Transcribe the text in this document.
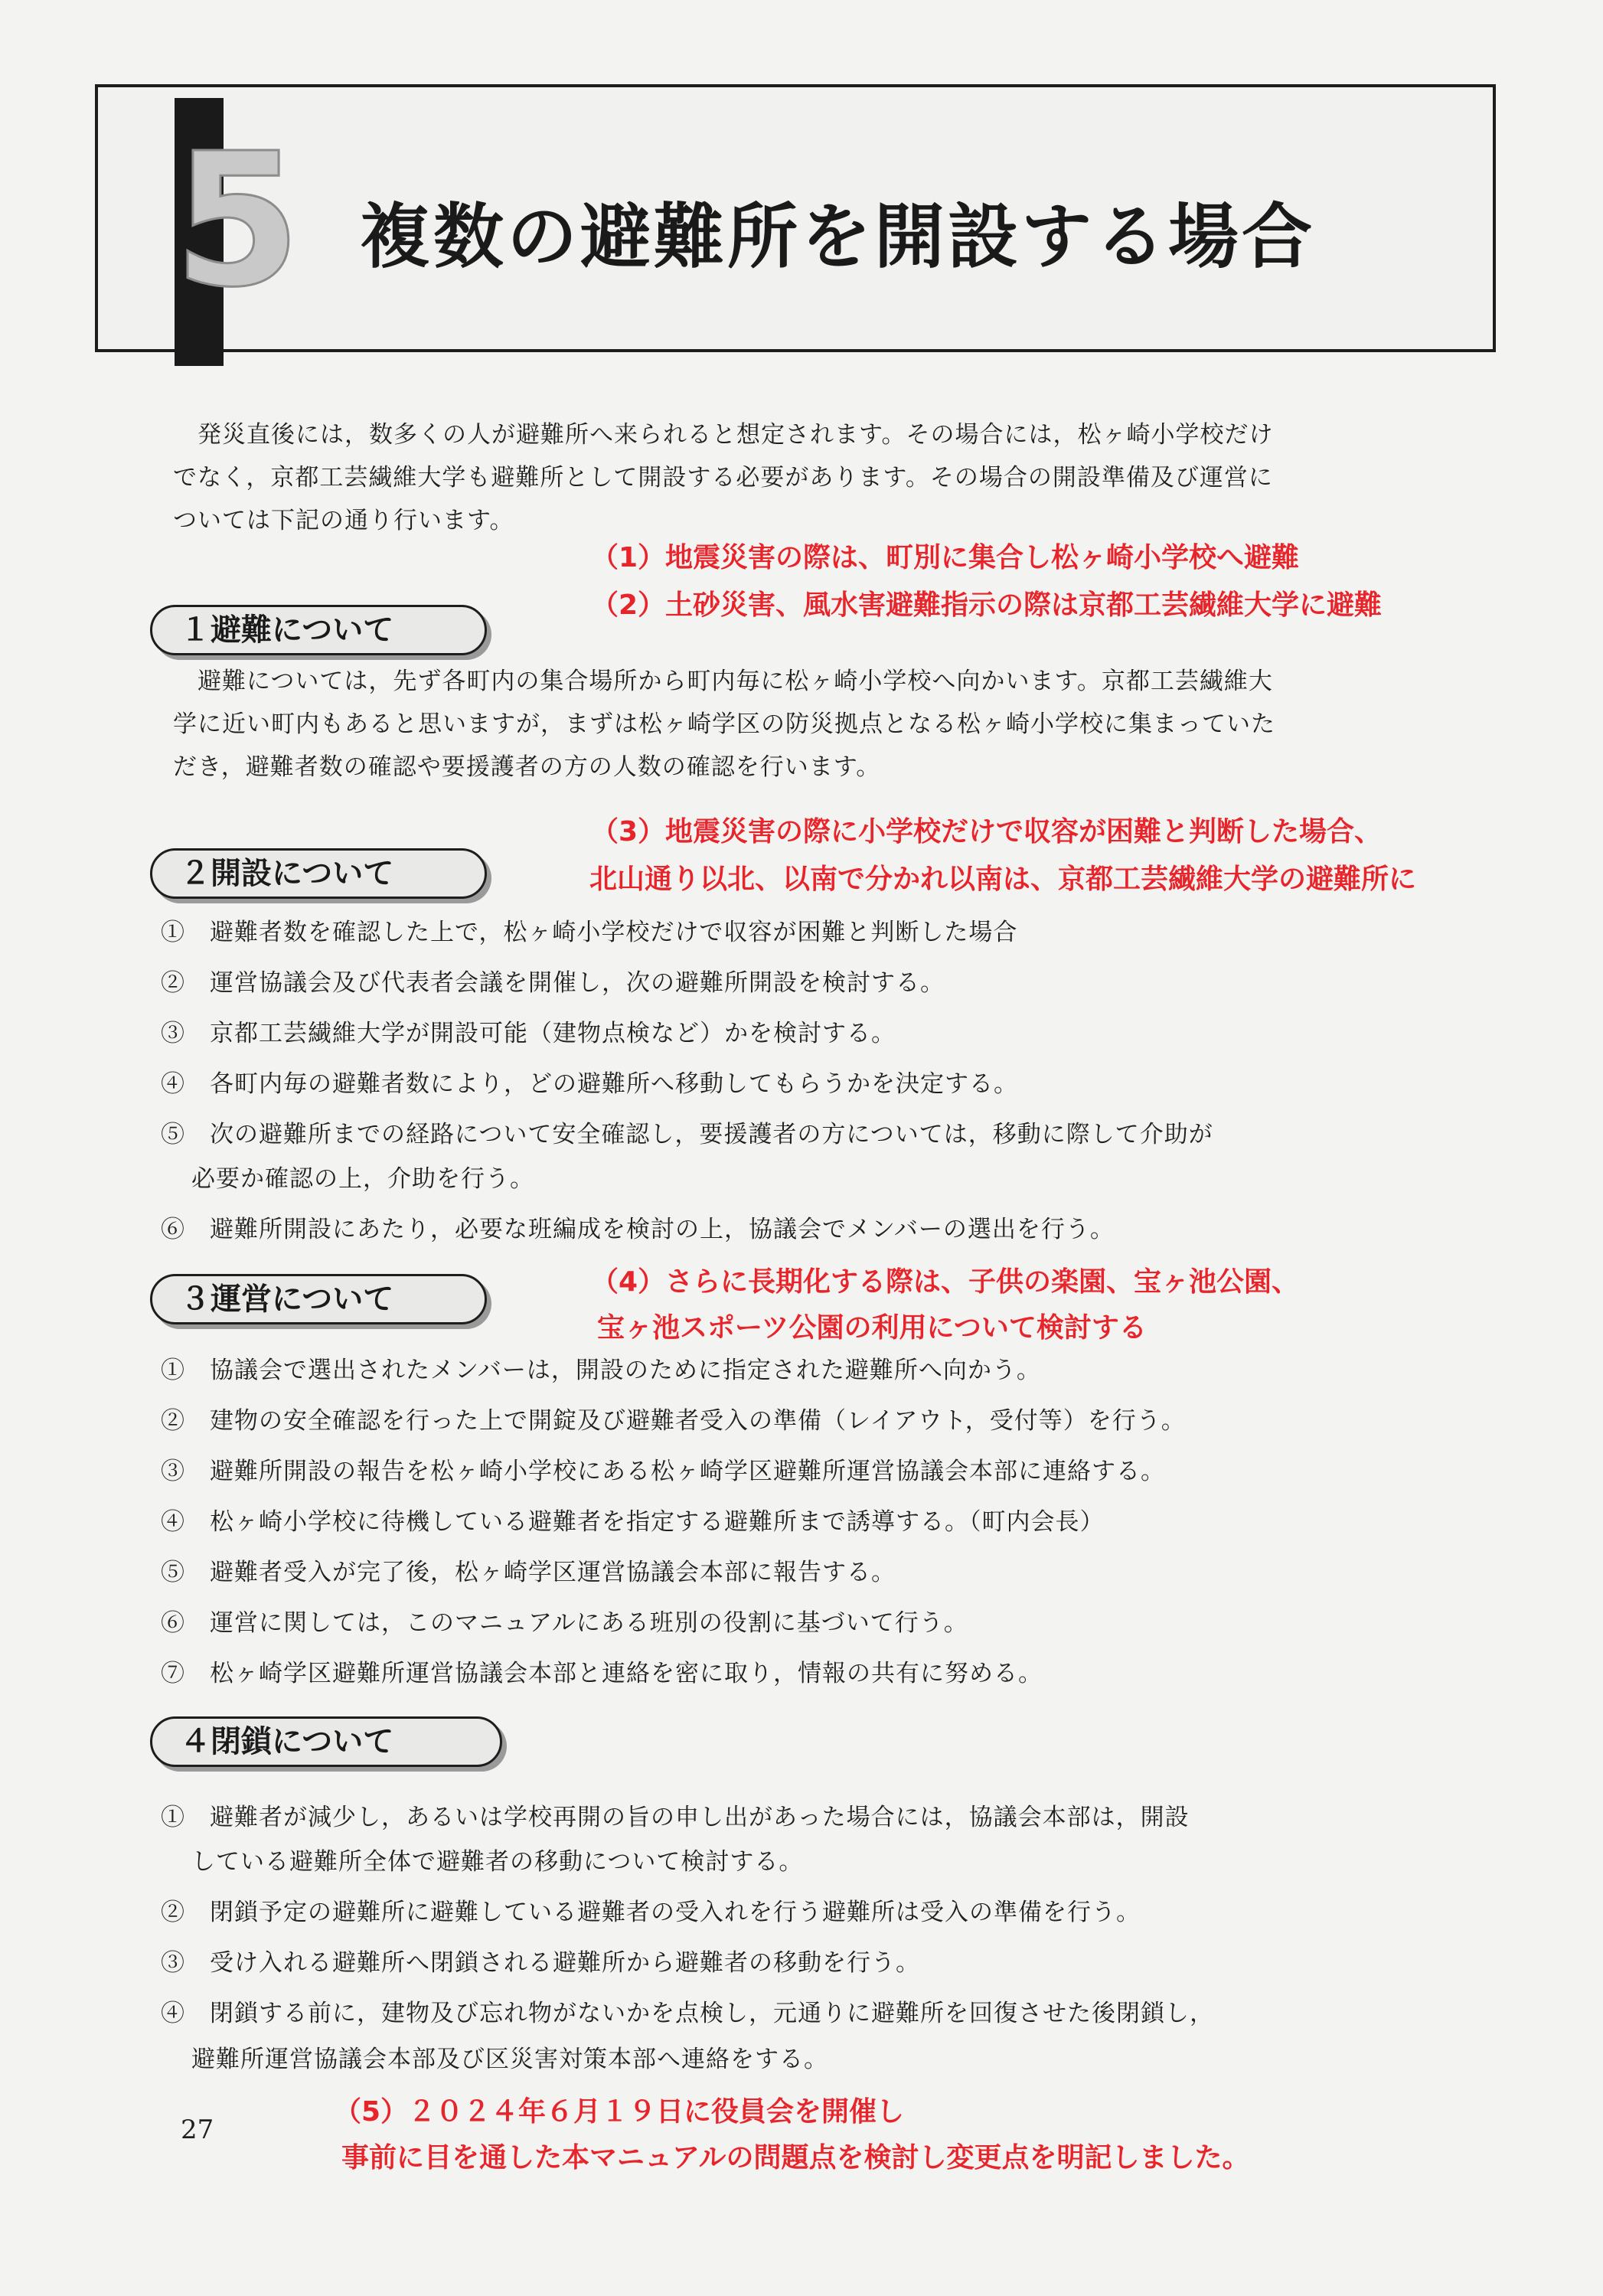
5 複数の避難所を開設する場合
発災直後には，数多くの人が避難所へ来られると想定されます。その場合には，松ヶ崎小学校だけ
でなく，京都工芸繊維大学も避難所として開設する必要があります。その場合の開設準備及び運営に
ついては下記の通り行います。
（1）地震災害の際は、町別に集合し松ヶ崎小学校へ避難
（2）土砂災害、風水害避難指示の際は京都工芸繊維大学に避難
１避難について
避難については，先ず各町内の集合場所から町内毎に松ヶ崎小学校へ向かいます。京都工芸繊維大
学に近い町内もあると思いますが，まずは松ヶ崎学区の防災拠点となる松ヶ崎小学校に集まっていた
だき，避難者数の確認や要援護者の方の人数の確認を行います。
（3）地震災害の際に小学校だけで収容が困難と判断した場合、
北山通り以北、以南で分かれ以南は、京都工芸繊維大学の避難所に
２開設について
①　避難者数を確認した上で，松ヶ崎小学校だけで収容が困難と判断した場合
②　運営協議会及び代表者会議を開催し，次の避難所開設を検討する。
③　京都工芸繊維大学が開設可能（建物点検など）かを検討する。
④　各町内毎の避難者数により，どの避難所へ移動してもらうかを決定する。
⑤　次の避難所までの経路について安全確認し，要援護者の方については，移動に際して介助が
必要か確認の上，介助を行う。
⑥　避難所開設にあたり，必要な班編成を検討の上，協議会でメンバーの選出を行う。
（4）さらに長期化する際は、子供の楽園、宝ヶ池公園、
宝ヶ池スポーツ公園の利用について検討する
３運営について
①　協議会で選出されたメンバーは，開設のために指定された避難所へ向かう。
②　建物の安全確認を行った上で開錠及び避難者受入の準備（レイアウト，受付等）を行う。
③　避難所開設の報告を松ヶ崎小学校にある松ヶ崎学区避難所運営協議会本部に連絡する。
④　松ヶ崎小学校に待機している避難者を指定する避難所まで誘導する。（町内会長）
⑤　避難者受入が完了後，松ヶ崎学区運営協議会本部に報告する。
⑥　運営に関しては，このマニュアルにある班別の役割に基づいて行う。
⑦　松ヶ崎学区避難所運営協議会本部と連絡を密に取り，情報の共有に努める。
４閉鎖について
①　避難者が減少し，あるいは学校再開の旨の申し出があった場合には，協議会本部は，開設
している避難所全体で避難者の移動について検討する。
②　閉鎖予定の避難所に避難している避難者の受入れを行う避難所は受入の準備を行う。
③　受け入れる避難所へ閉鎖される避難所から避難者の移動を行う。
④　閉鎖する前に，建物及び忘れ物がないかを点検し，元通りに避難所を回復させた後閉鎖し，
避難所運営協議会本部及び区災害対策本部へ連絡をする。
（5）２０２４年６月１９日に役員会を開催し
事前に目を通した本マニュアルの問題点を検討し変更点を明記しました。
27
